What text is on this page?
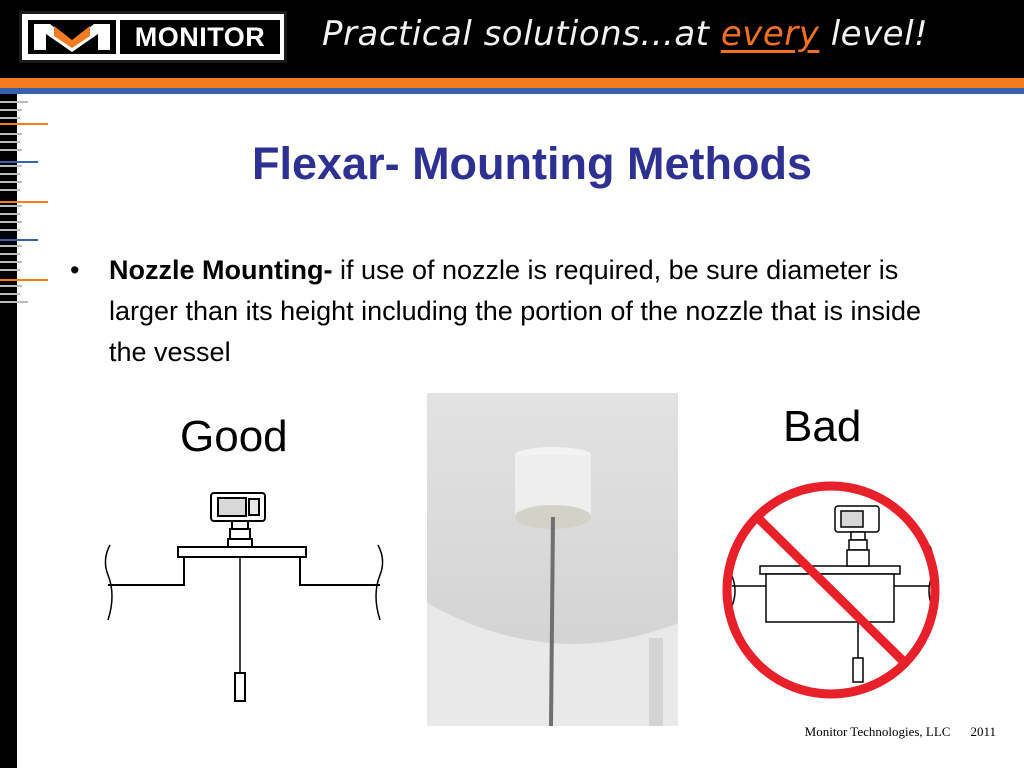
MONITOR	Practical solutions...at every level!
Flexar- Mounting Methods
• Nozzle Mounting- if use of nozzle is required, be sure diameter is larger than its height including the portion of the nozzle that is inside the vessel
Good	Bad
Monitor Technologies, LLC 2011
